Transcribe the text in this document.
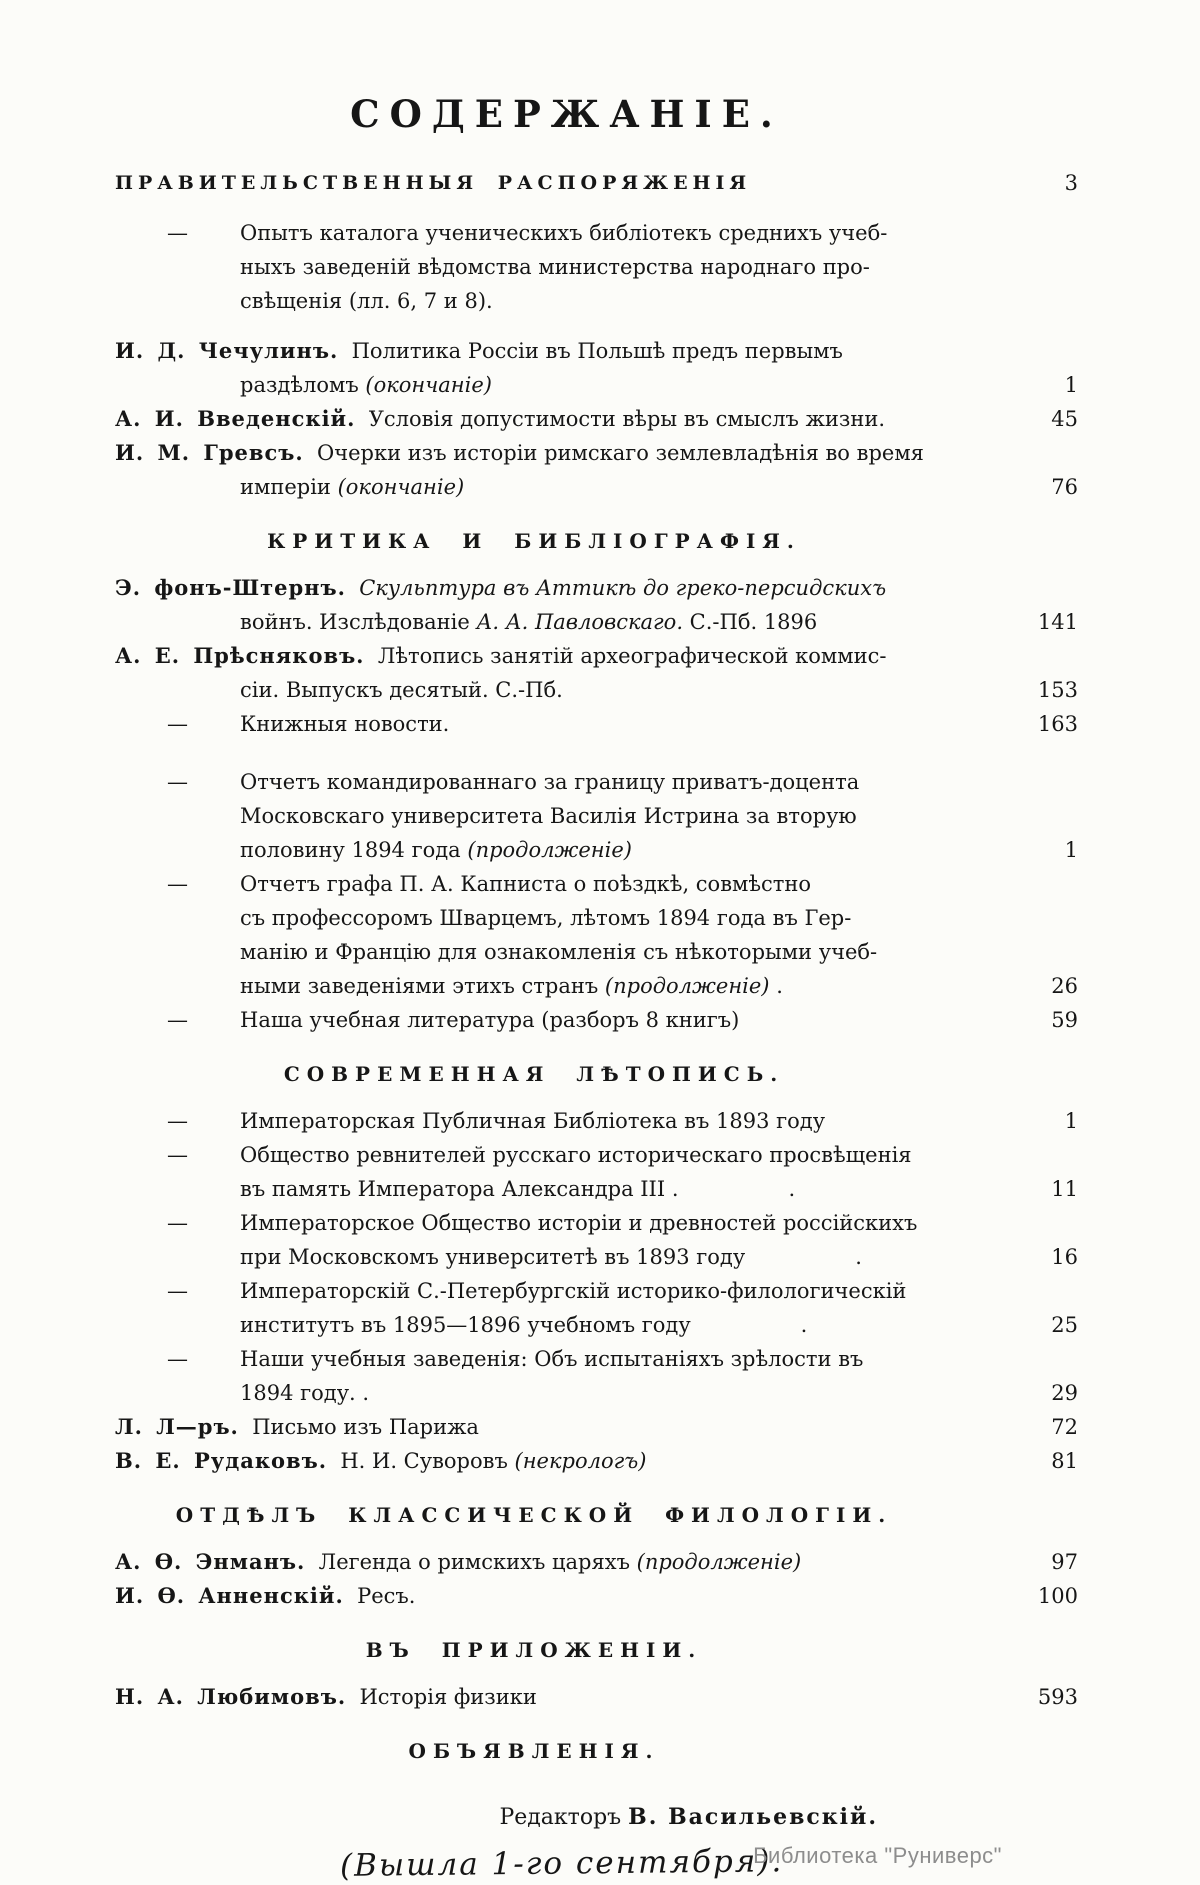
СОДЕРЖАНІЕ.
ПРАВИТЕЛЬСТВЕННЫЯ РАСПОРЯЖЕНІЯ	3
— Опытъ каталога ученическихъ библіотекъ среднихъ учеб-
ныхъ заведеній вѣдомства министерства народнаго про-
свѣщенія (лл. 6, 7 и 8).
И. Д. Чечулинъ. Политика Россіи въ Польшѣ предъ первымъ
раздѣломъ (окончаніе)	1
А. И. Введенскій. Условія допустимости вѣры въ смыслъ жизни.	45
И. М. Гревсъ. Очерки изъ исторіи римскаго землевладѣнія во время
имперіи (окончаніе)	76
КРИТИКА И БИБЛІОГРАФІЯ.
Э. фонъ-Штернъ. Скульптура въ Аттикѣ до греко-персидскихъ
войнъ. Изслѣдованіе А. А. Павловскаго. С.-Пб. 1896	141
А. Е. Прѣсняковъ. Лѣтопись занятій археографической коммис-
сіи. Выпускъ десятый. С.-Пб.	153
— Книжныя новости.	163
— Отчетъ командированнаго за границу приватъ-доцента
Московскаго университета Василія Истрина за вторую
половину 1894 года (продолженіе)	1
— Отчетъ графа П. А. Капниста о поѣздкѣ, совмѣстно
съ профессоромъ Шварцемъ, лѣтомъ 1894 года въ Гер-
манію и Францію для ознакомленія съ нѣкоторыми учеб-
ными заведеніями этихъ странъ (продолженіе) .	26
— Наша учебная литература (разборъ 8 книгъ)	59
СОВРЕМЕННАЯ ЛѢТОПИСЬ.
— Императорская Публичная Библіотека въ 1893 году	1
— Общество ревнителей русскаго историческаго просвѣщенія
въ память Императора Александра III .	.	11
— Императорское Общество исторіи и древностей россійскихъ
при Московскомъ университетѣ въ 1893 году	.	16
— Императорскій С.-Петербургскій историко-филологическій
институтъ въ 1895—1896 учебномъ году	.	25
— Наши учебныя заведенія: Объ испытаніяхъ зрѣлости въ
1894 году. .	29
Л. Л—ръ. Письмо изъ Парижа	72
В. Е. Рудаковъ. Н. И. Суворовъ (некрологъ)	81
ОТДѢЛЪ КЛАССИЧЕСКОЙ ФИЛОЛОГІИ.
А. Ѳ. Энманъ. Легенда о римскихъ царяхъ (продолженіе)	97
И. Ѳ. Анненскій. Ресъ.	100
ВЪ ПРИЛОЖЕНІИ.
Н. А. Любимовъ. Исторія физики	593
ОБЪЯВЛЕНІЯ.
Редакторъ В. Васильевскій.
(Вышла 1-го сентября).
Библиотека "Руниверс"
